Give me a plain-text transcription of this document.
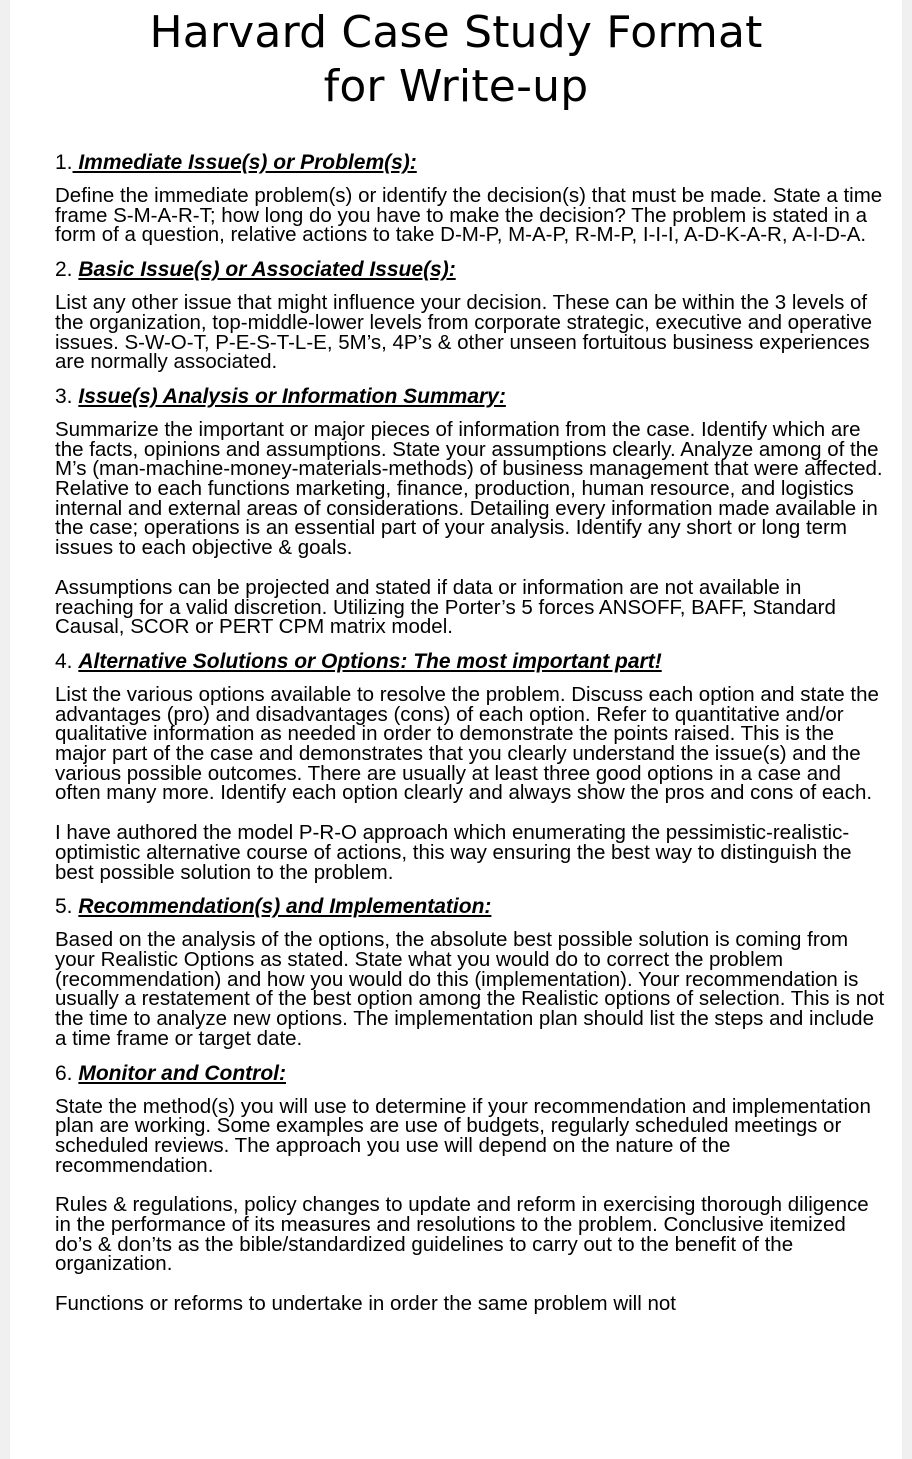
Harvard Case Study Format
for Write-up
1. Immediate Issue(s) or Problem(s):

Define the immediate problem(s) or identify the decision(s) that must be made. State a time frame S-M-A-R-T; how long do you have to make the decision? The problem is stated in a form of a question, relative actions to take D-M-P, M-A-P, R-M-P, I-I-I, A-D-K-A-R, A-I-D-A.

2. Basic Issue(s) or Associated Issue(s):

List any other issue that might influence your decision. These can be within the 3 levels of the organization, top-middle-lower levels from corporate strategic, executive and operative issues. S-W-O-T, P-E-S-T-L-E, 5M’s, 4P’s & other unseen fortuitous business experiences are normally associated.

3. Issue(s) Analysis or Information Summary:

Summarize the important or major pieces of information from the case. Identify which are the facts, opinions and assumptions. State your assumptions clearly. Analyze among of the M’s (man-machine-money-materials-methods) of business management that were affected. Relative to each functions marketing, finance, production, human resource, and logistics internal and external areas of considerations. Detailing every information made available in the case; operations is an essential part of your analysis. Identify any short or long term issues to each objective & goals.

Assumptions can be projected and stated if data or information are not available in reaching for a valid discretion. Utilizing the Porter’s 5 forces ANSOFF, BAFF, Standard Causal, SCOR or PERT CPM matrix model.

4. Alternative Solutions or Options: The most important part!

List the various options available to resolve the problem. Discuss each option and state the advantages (pro) and disadvantages (cons) of each option. Refer to quantitative and/or qualitative information as needed in order to demonstrate the points raised. This is the major part of the case and demonstrates that you clearly understand the issue(s) and the various possible outcomes. There are usually at least three good options in a case and often many more. Identify each option clearly and always show the pros and cons of each.

I have authored the model P-R-O approach which enumerating the pessimistic-realistic-optimistic alternative course of actions, this way ensuring the best way to distinguish the best possible solution to the problem.

5. Recommendation(s) and Implementation:

Based on the analysis of the options, the absolute best possible solution is coming from your Realistic Options as stated. State what you would do to correct the problem (recommendation) and how you would do this (implementation). Your recommendation is usually a restatement of the best option among the Realistic options of selection. This is not the time to analyze new options. The implementation plan should list the steps and include a time frame or target date.

6. Monitor and Control:

State the method(s) you will use to determine if your recommendation and implementation plan are working. Some examples are use of budgets, regularly scheduled meetings or scheduled reviews. The approach you use will depend on the nature of the recommendation.

Rules & regulations, policy changes to update and reform in exercising thorough diligence in the performance of its measures and resolutions to the problem. Conclusive itemized do’s & don’ts as the bible/standardized guidelines to carry out to the benefit of the organization.

Functions or reforms to undertake in order the same problem will not
